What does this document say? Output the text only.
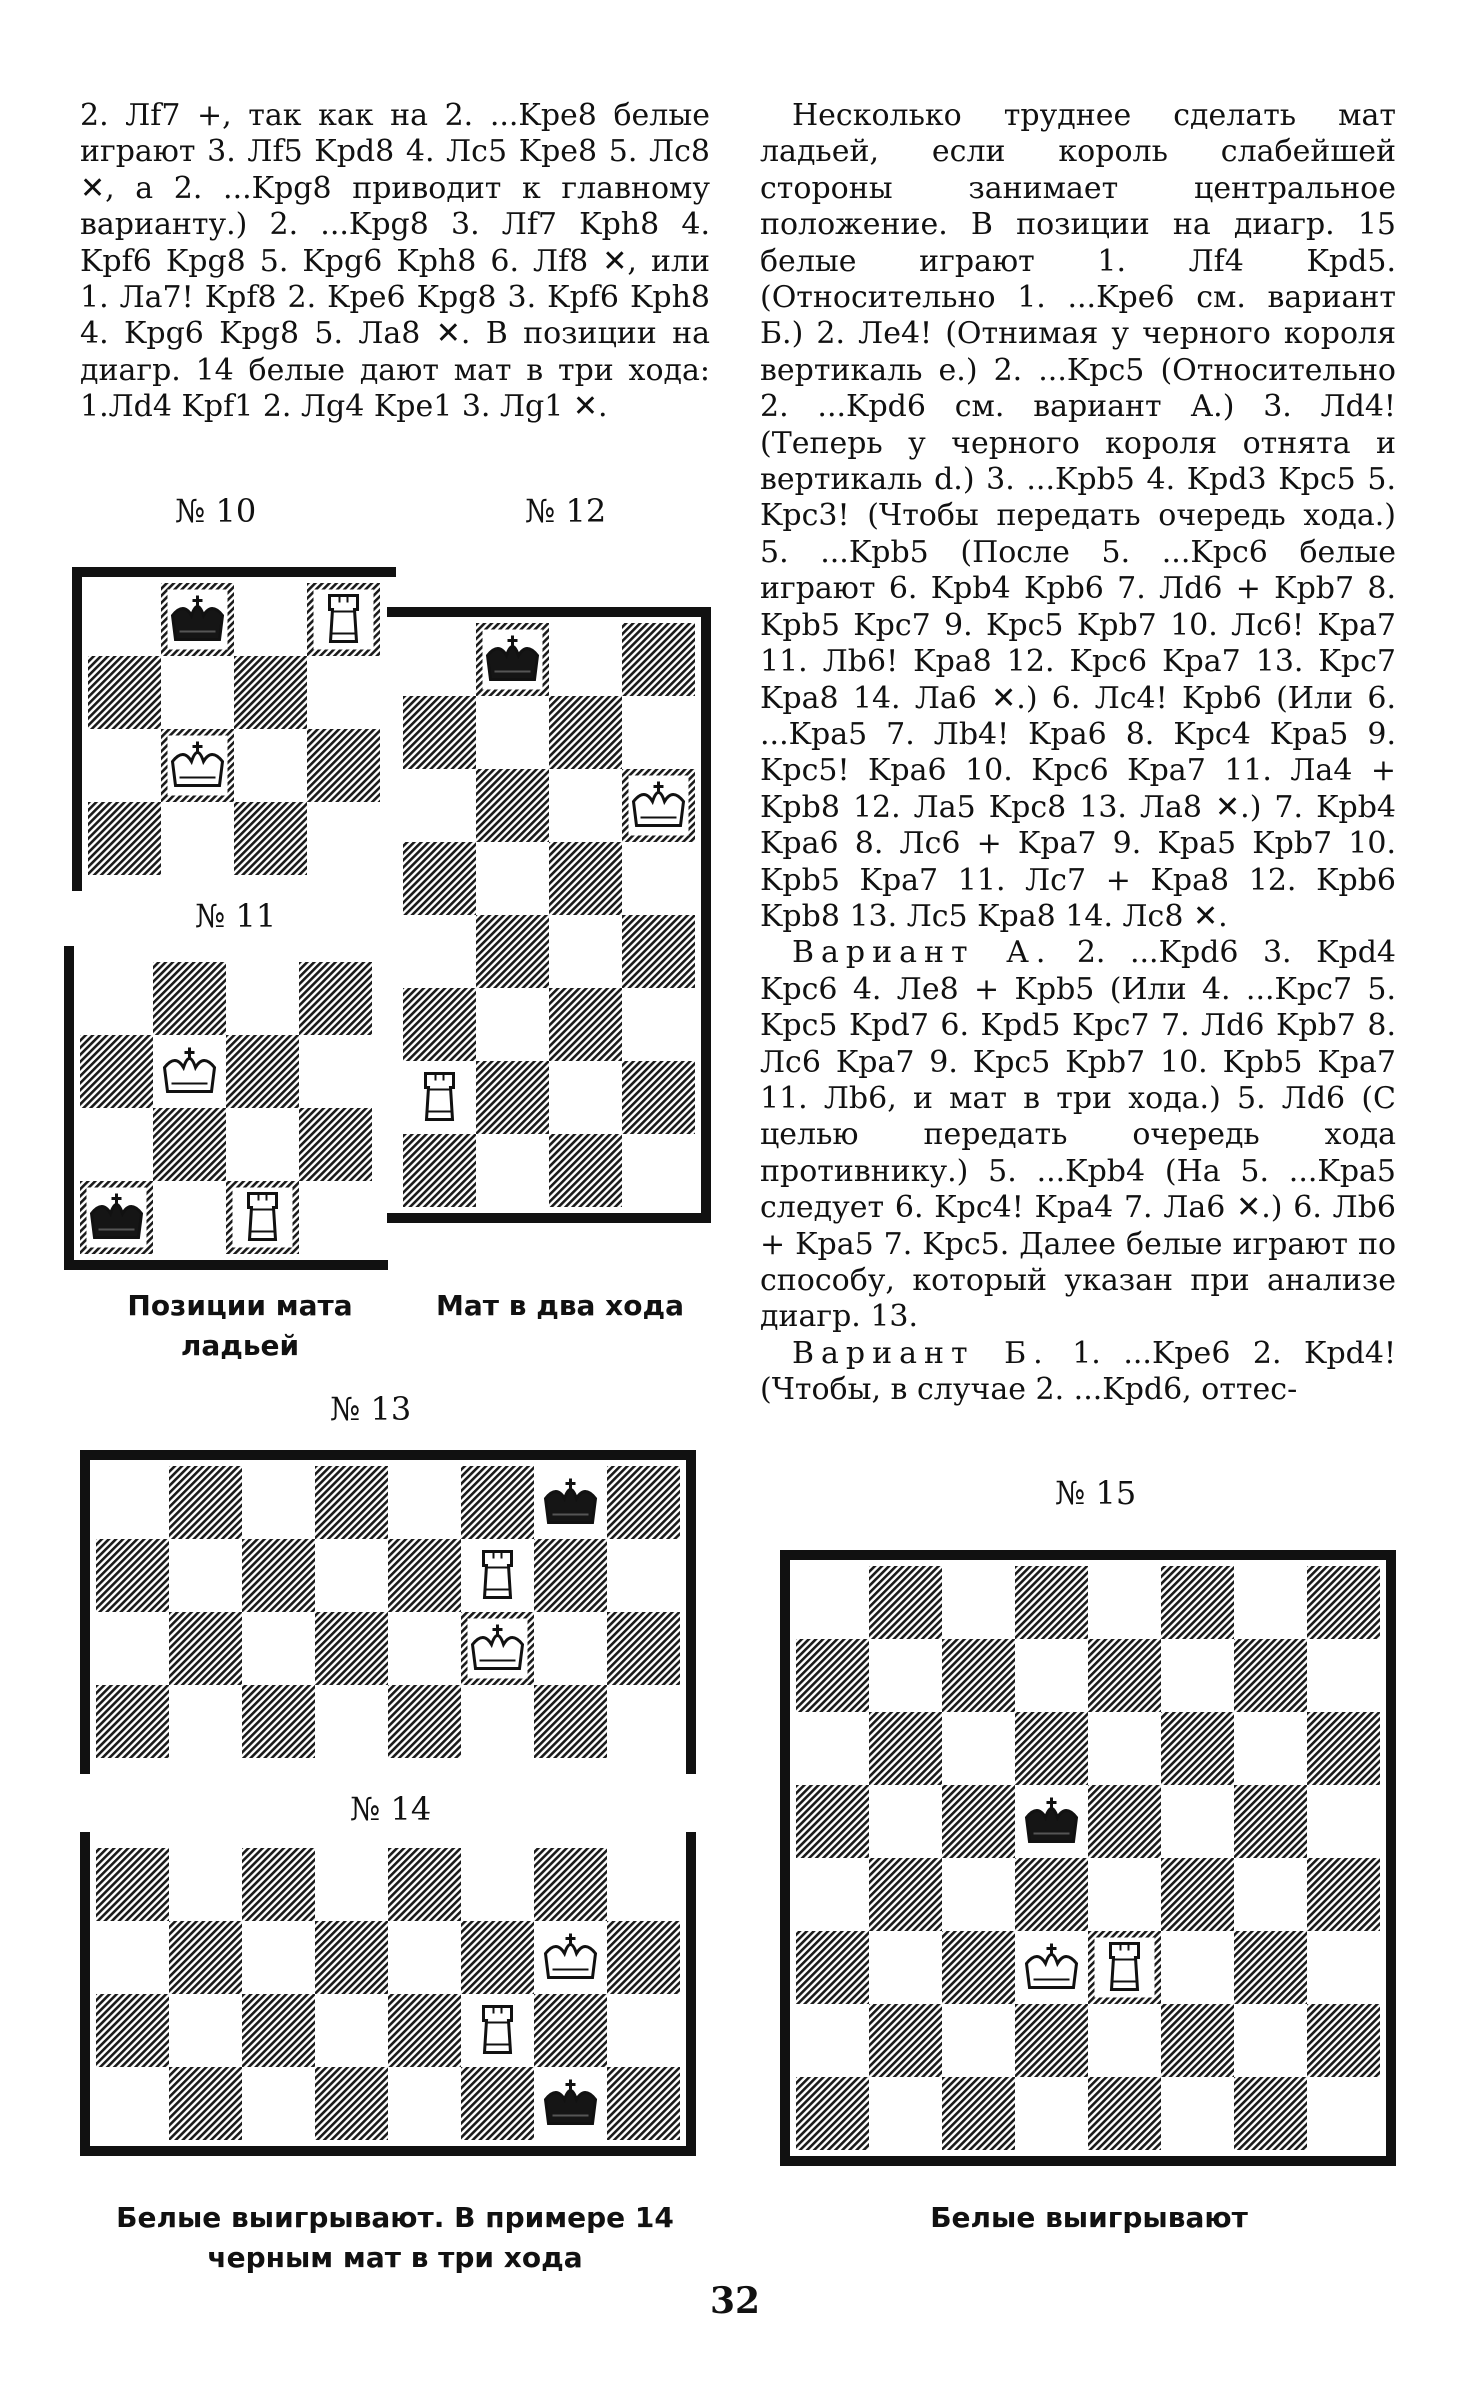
2. Лf7 +, так как на 2. ...Kpe8 белые играют 3. Лf5 Kpd8 4. Лc5 Kpe8 5. Лc8 ✕, а 2. ...Kpg8 приводит к главному варианту.) 2. ...Kpg8 3. Лf7 Kph8 4. Kpf6 Kpg8 5. Kpg6 Kph8 6. Лf8 ✕, или 1. Ла7! Kpf8 2. Kpe6 Kpg8 3. Kpf6 Kph8 4. Kpg6 Kpg8 5. Ла8 ✕. В позиции на диагр. 14 белые дают мат в три хода: 1.Лd4 Kpf1 2. Лg4 Kpe1 3. Лg1 ✕.

Несколько труднее сделать мат ладьей, если король слабейшей стороны занимает центральное положение. В позиции на диагр. 15 белые играют 1. Лf4 Kpd5. (Относительно 1. ...Kpe6 см. вариант Б.) 2. Лe4! (Отнимая у черного короля вертикаль e.) 2. ...Kpc5 (Относительно 2. ...Kpd6 см. вариант А.) 3. Лd4! (Теперь у черного короля отнята и вертикаль d.) 3. ...Kpb5 4. Kpd3 Kpc5 5. Kpc3! (Чтобы передать очередь хода.) 5. ...Kpb5 (После 5. ...Kpc6 белые играют 6. Kpb4 Kpb6 7. Лd6 + Kpb7 8. Kpb5 Kpc7 9. Kpc5 Kpb7 10. Лc6! Kpa7 11. Лb6! Kpa8 12. Kpc6 Kpa7 13. Kpc7 Kpa8 14. Ла6 ✕.) 6. Лc4! Kpb6 (Или 6. ...Kpa5 7. Лb4! Kpa6 8. Kpc4 Kpa5 9. Kpc5! Kpa6 10. Kpc6 Kpa7 11. Ла4 + Kpb8 12. Ла5 Kpc8 13. Ла8 ✕.) 7. Kpb4 Kpa6 8. Лc6 + Kpa7 9. Kpa5 Kpb7 10. Kpb5 Kpa7 11. Лc7 + Kpa8 12. Kpb6 Kpb8 13. Лc5 Kpa8 14. Лc8 ✕.

Вариант А. 2. ...Kpd6 3. Kpd4 Kpc6 4. Лe8 + Kpb5 (Или 4. ...Kpc7 5. Kpc5 Kpd7 6. Kpd5 Kpc7 7. Лd6 Kpb7 8. Лc6 Kpa7 9. Kpc5 Kpb7 10. Kpb5 Kpa7 11. Лb6, и мат в три хода.) 5. Лd6 (С целью передать очередь хода противнику.) 5. ...Kpb4 (На 5. ...Kpa5 следует 6. Kpc4! Kpa4 7. Ла6 ✕.) 6. Лb6 + Kpa5 7. Kpc5. Далее белые играют по способу, который указан при анализе диагр. 13.

Вариант Б. 1. ...Kpe6 2. Kpd4! (Чтобы, в случае 2. ...Kpd6, оттес-

№ 10	№ 12
№ 11
№ 13
№ 14
№ 15
Позиции мата ладьей
Мат в два хода
Белые выигрывают. В примере 14 черным мат в три хода
Белые выигрывают
32
